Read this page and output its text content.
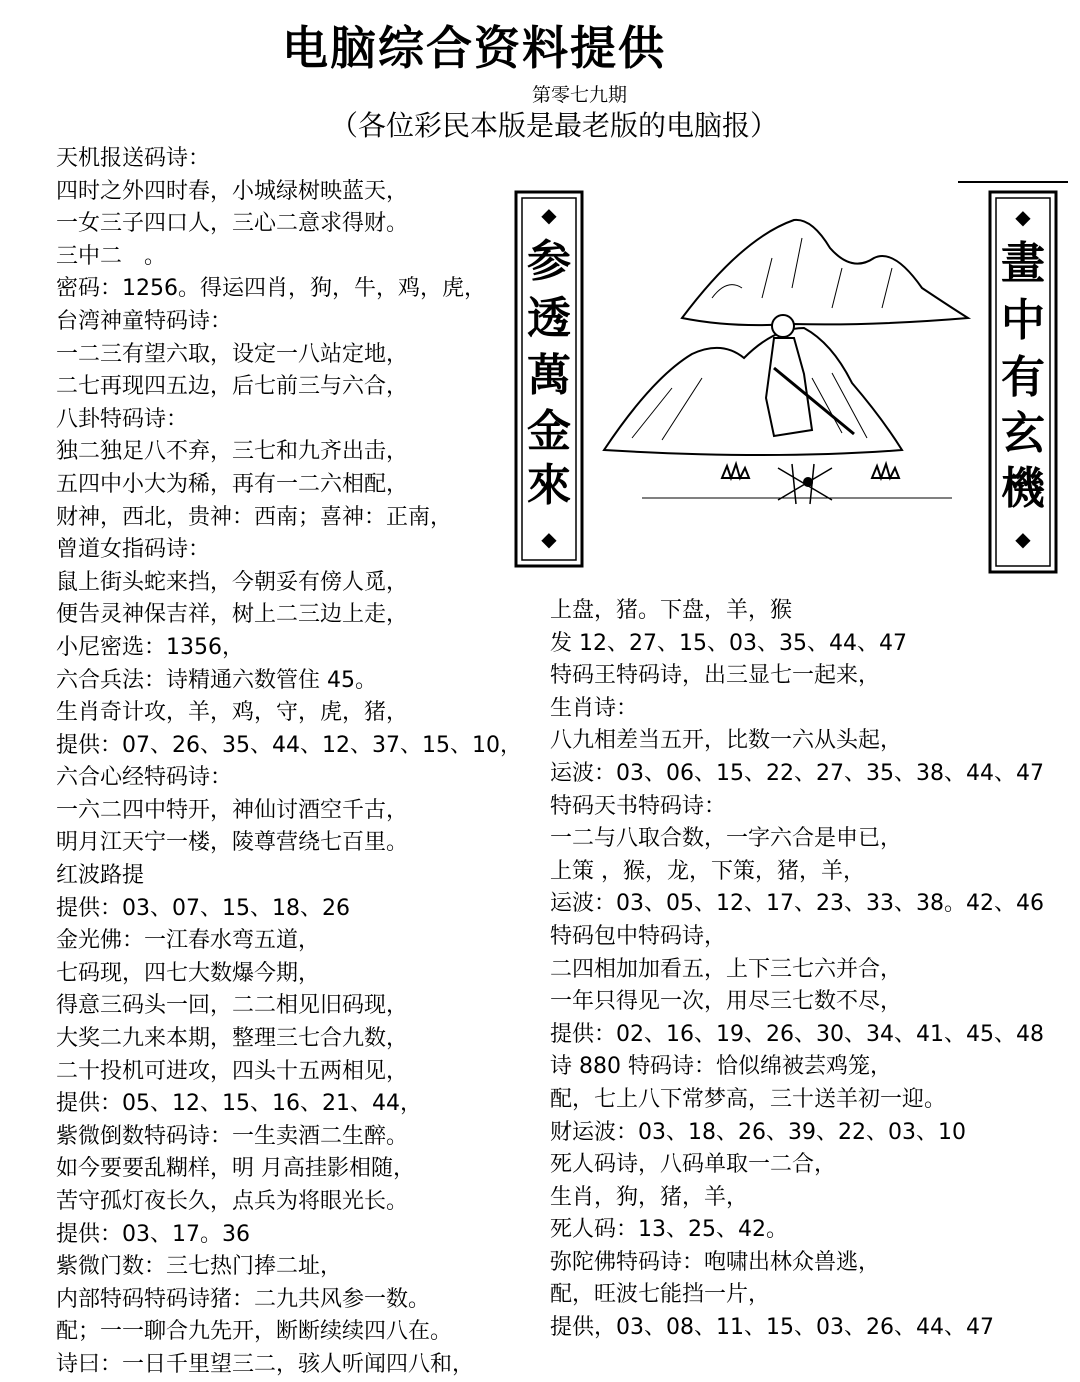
电脑综合资料提供
第零七九期
（各位彩民本版是最老版的电脑报）
天机报送码诗：
四时之外四时春，小城绿树映蓝天，
一女三子四口人，三心二意求得财。
三中二　。
密码：1256。得运四肖，狗，牛，鸡，虎，
台湾神童特码诗：
一二三有望六取，设定一八站定地，
二七再现四五边，后七前三与六合，
八卦特码诗：
独二独足八不弃，三七和九齐出击，
五四中小大为稀，再有一二六相配，
财神，西北，贵神：西南；喜神：正南，
曾道女指码诗：
鼠上街头蛇来挡，今朝妥有傍人觅，
便告灵神保吉祥，树上二三边上走，
小尼密选：1356，
六合兵法：诗精通六数管住 45。
生肖奇计攻，羊，鸡，守，虎，猪，
提供：07、26、35、44、12、37、15、10，
六合心经特码诗：
一六二四中特开，神仙讨酒空千古，
明月江天宁一楼，陵尊营绕七百里。
红波路提
提供：03、07、15、18、26
金光佛：一江春水弯五道，
七码现，四七大数爆今期，
得意三码头一回，二二相见旧码现，
大奖二九来本期，整理三七合九数，
二十投机可进攻，四头十五两相见，
提供：05、12、15、16、21、44，
紫微倒数特码诗：一生卖酒二生醉。
如今要要乱糊样，明 月高挂影相随，
苦守孤灯夜长久，点兵为将眼光长。
提供：03、17。36
紫微门数：三七热门捧二址，
内部特码特码诗猪：二九共风参一数。
配；一一聊合九先开，断断续续四八在。
诗曰：一日千里望三二，骇人听闻四八和，
上盘，猪。下盘，羊，猴
发 12、27、15、03、35、44、47
特码王特码诗，出三显七一起来，
生肖诗：
八九相差当五开，比数一六从头起，
运波：03、06、15、22、27、35、38、44、47
特码天书特码诗：
一二与八取合数，一字六合是申已，
上策 ，猴，龙，下策，猪，羊，
运波：03、05、12、17、23、33、38。42、46
特码包中特码诗，
二四相加加看五，上下三七六并合，
一年只得见一次，用尽三七数不尽，
提供：02、16、19、26、30、34、41、45、48
诗 880 特码诗：恰似绵被芸鸡笼，
配，七上八下常梦高，三十送羊初一迎。
财运波：03、18、26、39、22、03、10
死人码诗，八码单取一二合，
生肖，狗，猪，羊，
死人码：13、25、42。
弥陀佛特码诗：咆啸出林众兽逃，
配，旺波七能挡一片，
提供，03、08、11、15、03、26、44、47
◆
◆
参
透
萬
金
來
◆
◆
畫
中
有
玄
機
